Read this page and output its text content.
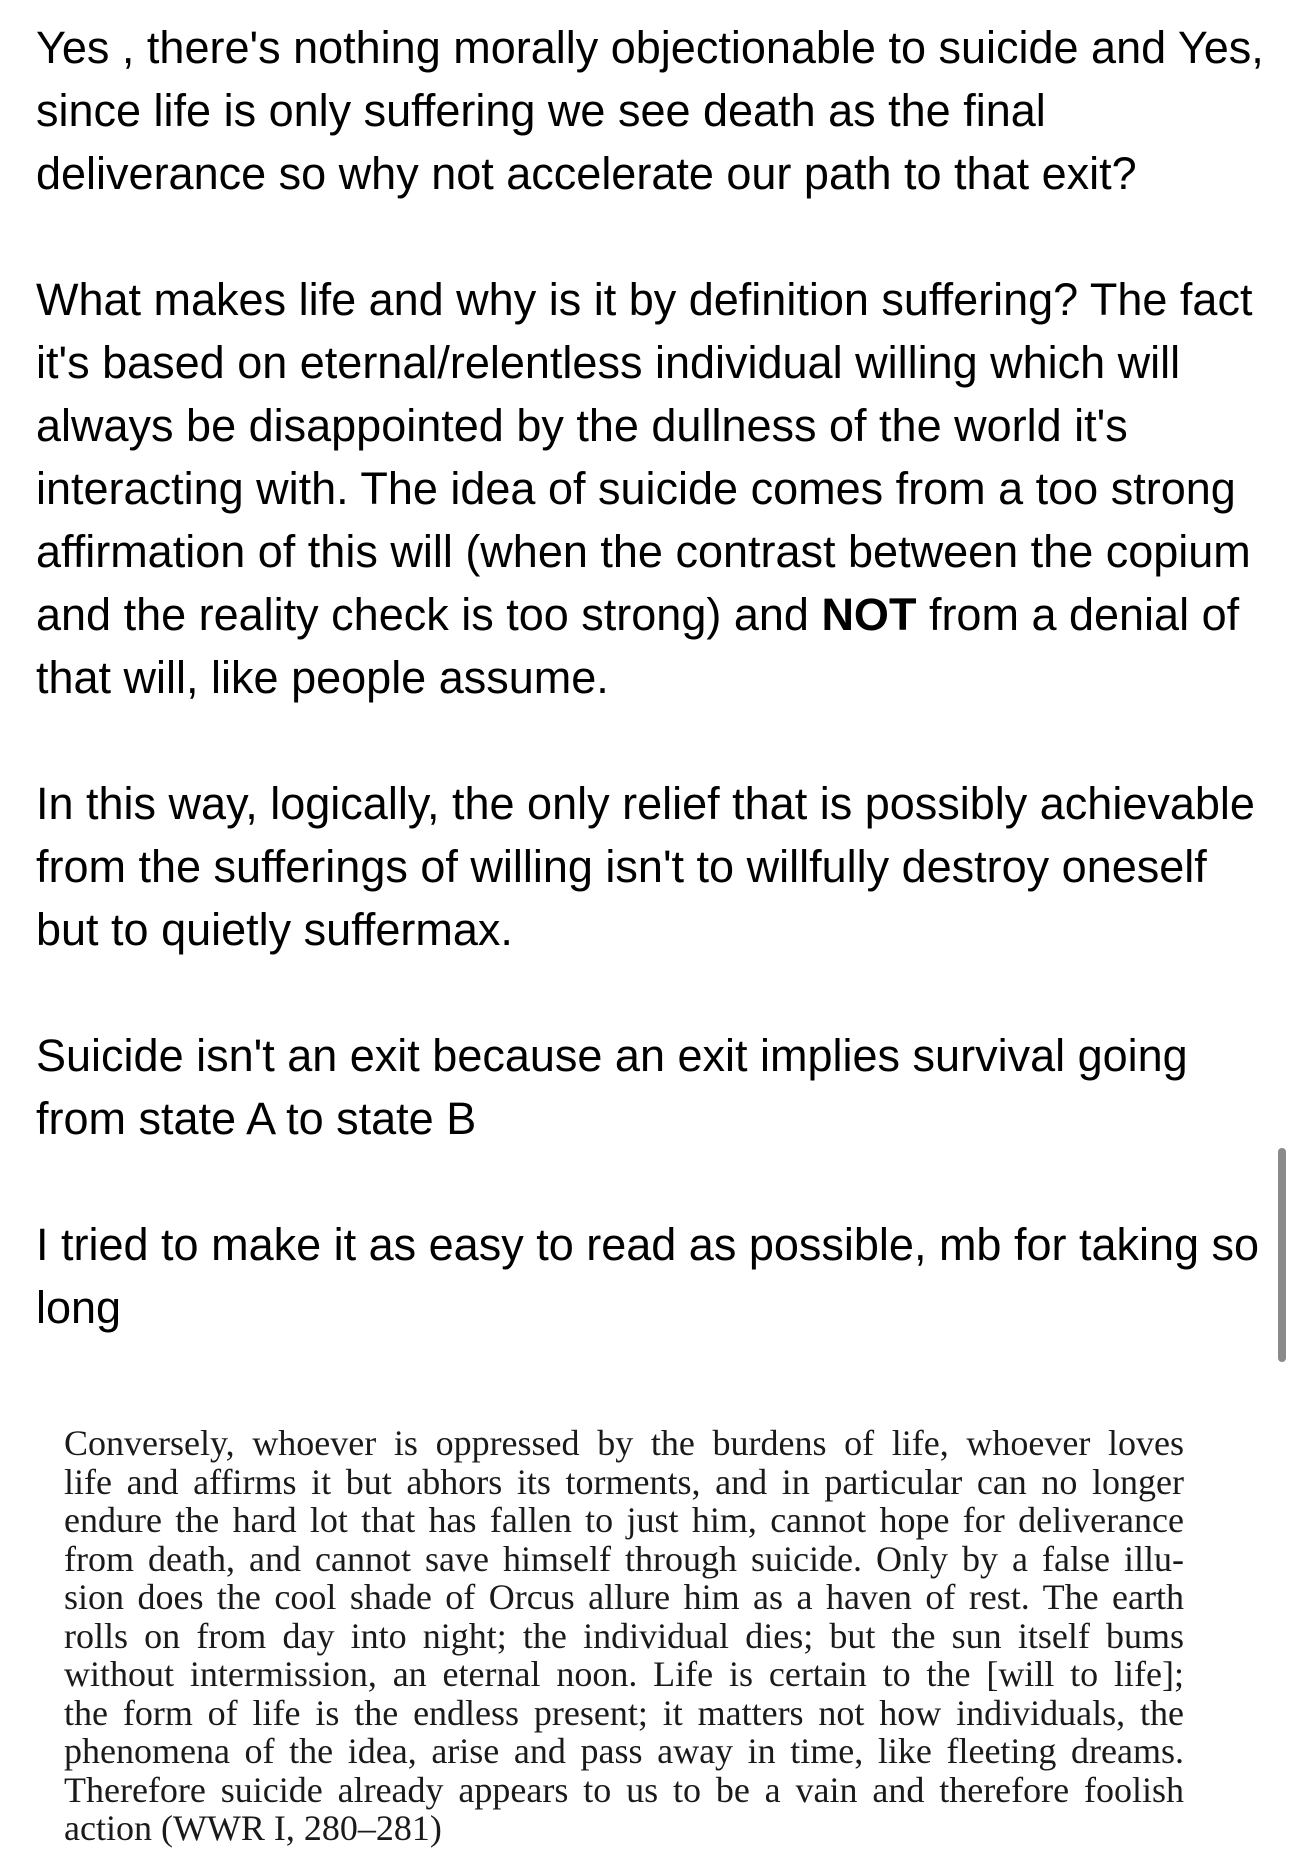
Yes , there's nothing morally objectionable to suicide and Yes, since life is only suffering we see death as the final deliverance so why not accelerate our path to that exit?

What makes life and why is it by definition suffering? The fact it's based on eternal/relentless individual willing which will always be disappointed by the dullness of the world it's interacting with. The idea of suicide comes from a too strong affirmation of this will (when the contrast between the copium and the reality check is too strong) and NOT from a denial of that will, like people assume.

In this way, logically, the only relief that is possibly achievable from the sufferings of willing isn't to willfully destroy oneself but to quietly suffermax.

Suicide isn't an exit because an exit implies survival going from state A to state B

I tried to make it as easy to read as possible, mb for taking so long

Conversely, whoever is oppressed by the burdens of life, whoever loves
life and affirms it but abhors its torments, and in particular can no longer
endure the hard lot that has fallen to just him, cannot hope for deliverance
from death, and cannot save himself through suicide. Only by a false illu-
sion does the cool shade of Orcus allure him as a haven of rest. The earth
rolls on from day into night; the individual dies; but the sun itself bums
without intermission, an eternal noon. Life is certain to the [will to life];
the form of life is the endless present; it matters not how individuals, the
phenomena of the idea, arise and pass away in time, like fleeting dreams.
Therefore suicide already appears to us to be a vain and therefore foolish
action (WWR I, 280–281)
